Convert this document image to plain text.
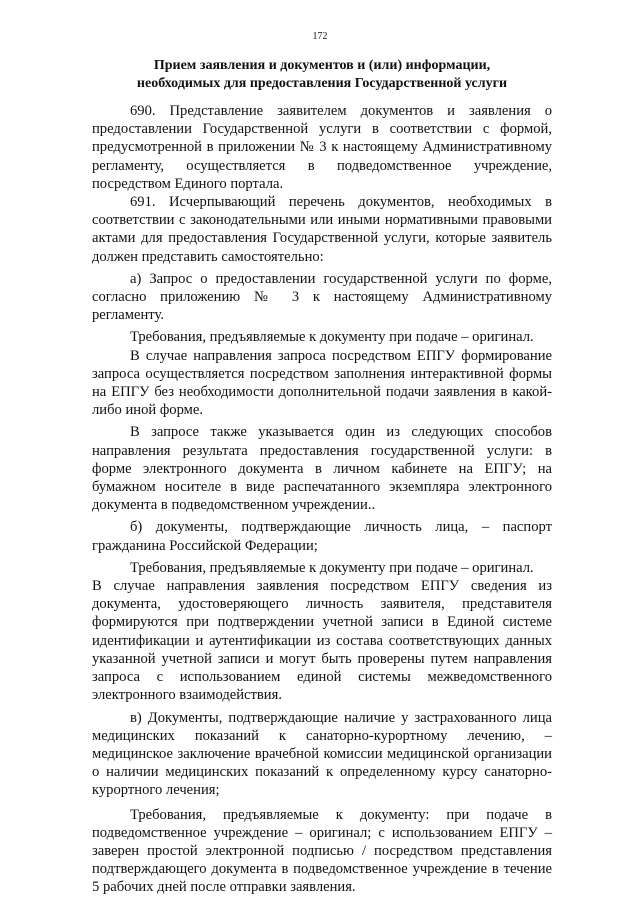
172
Прием заявления и документов и (или) информации,
необходимых для предоставления Государственной услуги

690. Представление заявителем документов и заявления о предоставлении Государственной услуги в соответствии с формой, предусмотренной в приложении № 3 к настоящему Административному регламенту, осуществляется в подведомственное учреждение, посредством Единого портала.

691. Исчерпывающий перечень документов, необходимых в соответствии с законодательными или иными нормативными правовыми актами для предоставления Государственной услуги, которые заявитель должен представить самостоятельно:

а) Запрос о предоставлении государственной услуги по форме, согласно приложению № 3 к настоящему Административному регламенту.

Требования, предъявляемые к документу при подаче – оригинал.

В случае направления запроса посредством ЕПГУ формирование запроса осуществляется посредством заполнения интерактивной формы на ЕПГУ без необходимости дополнительной подачи заявления в какой-либо иной форме.

В запросе также указывается один из следующих способов направления результата предоставления государственной услуги: в форме электронного документа в личном кабинете на ЕПГУ; на бумажном носителе в виде распечатанного экземпляра электронного документа в подведомственном учреждении..

б) документы, подтверждающие личность лица, – паспорт гражданина Российской Федерации;

Требования, предъявляемые к документу при подаче – оригинал.

В случае направления заявления посредством ЕПГУ сведения из документа, удостоверяющего личность заявителя, представителя формируются при подтверждении учетной записи в Единой системе идентификации и аутентификации из состава соответствующих данных указанной учетной записи и могут быть проверены путем направления запроса с использованием единой системы межведомственного электронного взаимодействия.

в) Документы, подтверждающие наличие у застрахованного лица медицинских показаний к санаторно-курортному лечению, – медицинское заключение врачебной комиссии медицинской организации о наличии медицинских показаний к определенному курсу санаторно-курортного лечения;

Требования, предъявляемые к документу: при подаче в подведомственное учреждение – оригинал; с использованием ЕПГУ – заверен простой электронной подписью / посредством представления подтверждающего документа в подведомственное учреждение в течение 5 рабочих дней после отправки заявления.
